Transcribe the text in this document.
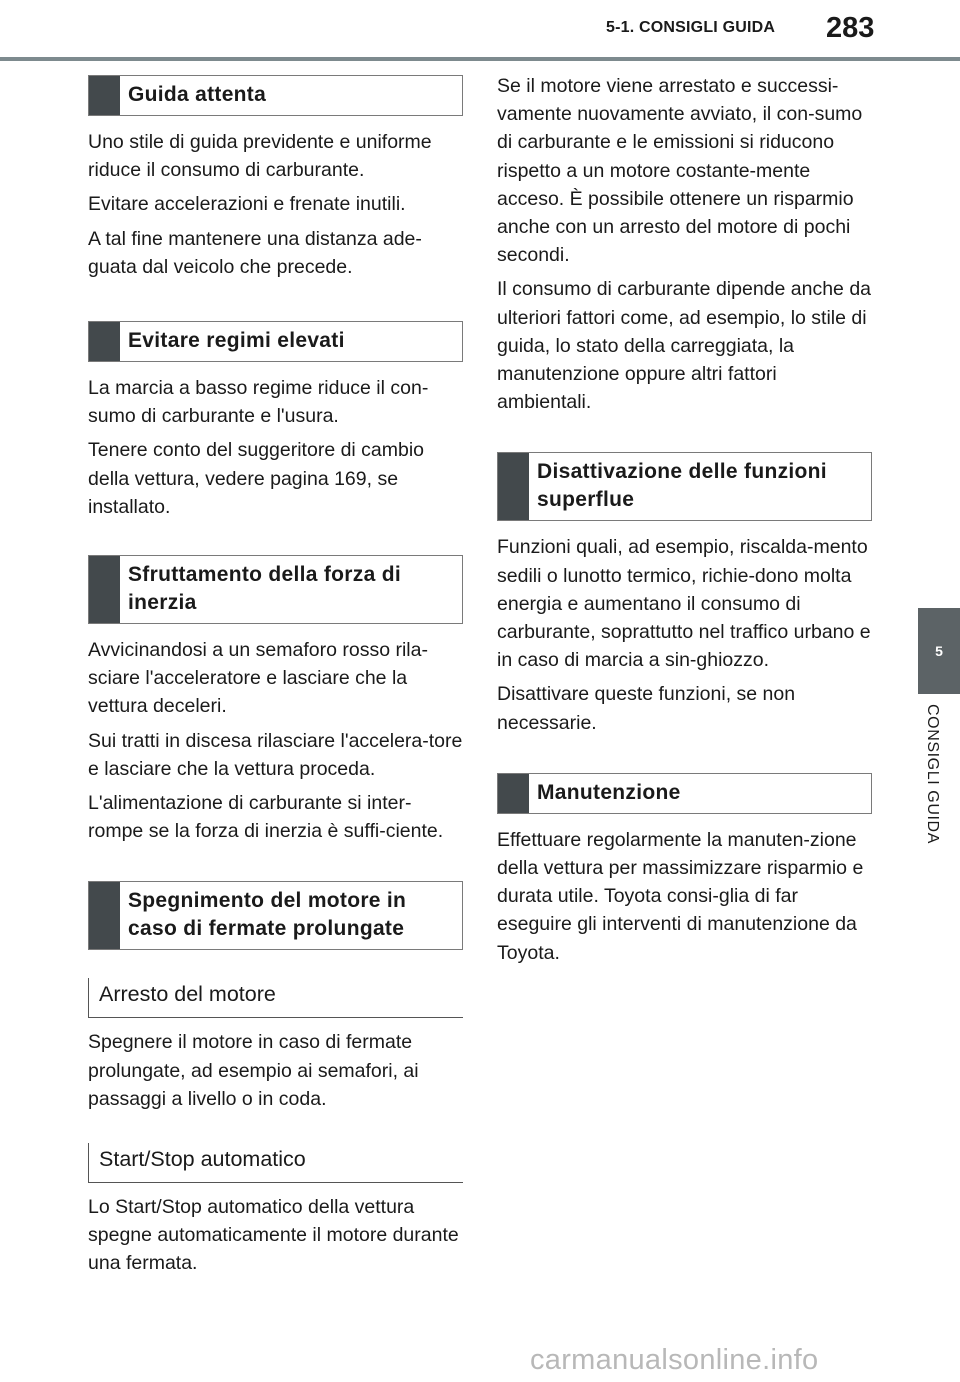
5-1. CONSIGLI GUIDA 283
5
CONSIGLI GUIDA
Guida attenta

Uno stile di guida previdente e uniforme riduce il consumo di carburante.

Evitare accelerazioni e frenate inutili.

A tal fine mantenere una distanza ade-guata dal veicolo che precede.

Evitare regimi elevati

La marcia a basso regime riduce il con-sumo di carburante e l'usura.

Tenere conto del suggeritore di cambio della vettura, vedere pagina 169, se installato.

Sfruttamento della forza di inerzia

Avvicinandosi a un semaforo rosso rila-sciare l'acceleratore e lasciare che la vettura deceleri.

Sui tratti in discesa rilasciare l'accelera-tore e lasciare che la vettura proceda.

L'alimentazione di carburante si inter-rompe se la forza di inerzia è suffi-ciente.

Spegnimento del motore in caso di fermate prolungate
Arresto del motore

Spegnere il motore in caso di fermate prolungate, ad esempio ai semafori, ai passaggi a livello o in coda.

Start/Stop automatico

Lo Start/Stop automatico della vettura spegne automaticamente il motore durante una fermata.

Se il motore viene arrestato e successi-vamente nuovamente avviato, il con-sumo di carburante e le emissioni si riducono rispetto a un motore costante-mente acceso. È possibile ottenere un risparmio anche con un arresto del motore di pochi secondi.

Il consumo di carburante dipende anche da ulteriori fattori come, ad esempio, lo stile di guida, lo stato della carreggiata, la manutenzione oppure altri fattori ambientali.

Disattivazione delle funzioni superflue

Funzioni quali, ad esempio, riscalda-mento sedili o lunotto termico, richie-dono molta energia e aumentano il consumo di carburante, soprattutto nel traffico urbano e in caso di marcia a sin-ghiozzo.

Disattivare queste funzioni, se non necessarie.

Manutenzione

Effettuare regolarmente la manuten-zione della vettura per massimizzare risparmio e durata utile. Toyota consi-glia di far eseguire gli interventi di manutenzione da Toyota.

carmanualsonline.info
